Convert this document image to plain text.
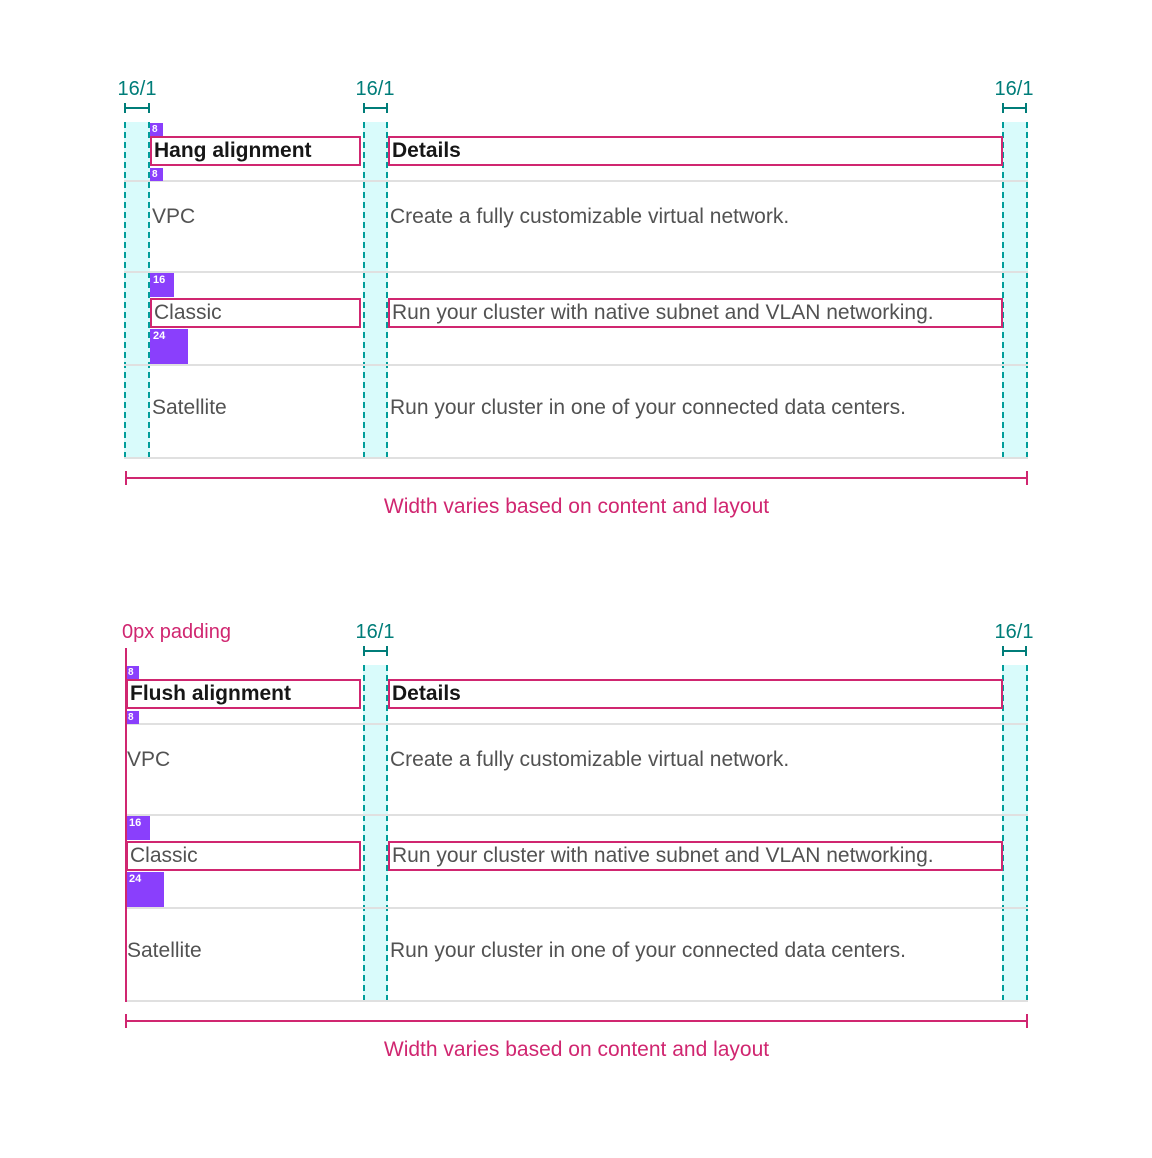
16/1	16/1	16/1
8
Hang alignment	Details
8
VPC	Create a fully customizable virtual network.
16
Classic	Run your cluster with native subnet and VLAN networking.
24
Satellite	Run your cluster in one of your connected data centers.
Width varies based on content and layout
0px padding	16/1	16/1
8
Flush alignment	Details
8
VPC	Create a fully customizable virtual network.
16
Classic	Run your cluster with native subnet and VLAN networking.
24
Satellite	Run your cluster in one of your connected data centers.
Width varies based on content and layout
